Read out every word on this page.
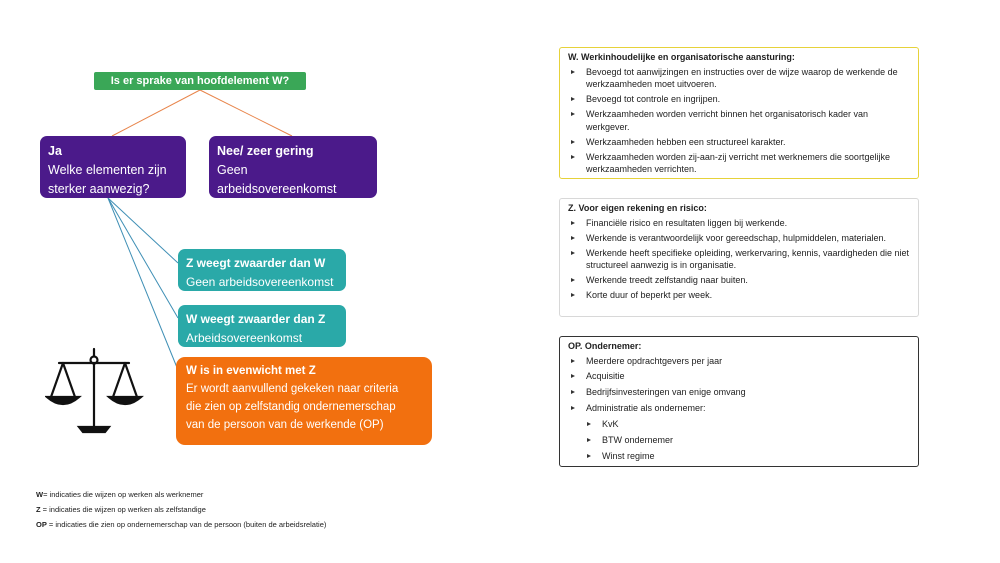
Is er sprake van hoofdelement W?
Ja
Welke elementen zijn
sterker aanwezig?
Nee/ zeer gering
Geen arbeidsovereenkomst
Z weegt zwaarder dan W
Geen arbeidsovereenkomst
W weegt zwaarder dan Z
Arbeidsovereenkomst
W is in evenwicht met Z
Er wordt aanvullend gekeken naar criteria
die zien op zelfstandig ondernemerschap
van de persoon van de werkende (OP)
W= indicaties die wijzen op werken als werknemer
Z = indicaties die wijzen op werken als zelfstandige
OP = indicaties die zien op ondernemerschap van de persoon (buiten de arbeidsrelatie)
W. Werkinhoudelijke en organisatorische aansturing:
Bevoegd tot aanwijzingen en instructies over de wijze waarop de werkende de werkzaamheden moet uitvoeren.
Bevoegd tot controle en ingrijpen.
Werkzaamheden worden verricht binnen het organisatorisch kader van werkgever.
Werkzaamheden hebben een structureel karakter.
Werkzaamheden worden zij-aan-zij verricht met werknemers die soortgelijke werkzaamheden verrichten.
Z. Voor eigen rekening en risico:
Financiële risico en resultaten liggen bij werkende.
Werkende is verantwoordelijk voor gereedschap, hulpmiddelen, materialen.
Werkende heeft specifieke opleiding, werkervaring, kennis, vaardigheden die niet structureel aanwezig is in organisatie.
Werkende treedt zelfstandig naar buiten.
Korte duur of beperkt per week.
OP. Ondernemer:
Meerdere opdrachtgevers per jaar
Acquisitie
Bedrijfsinvesteringen van enige omvang
Administratie als ondernemer:
KvK
BTW ondernemer
Winst regime
